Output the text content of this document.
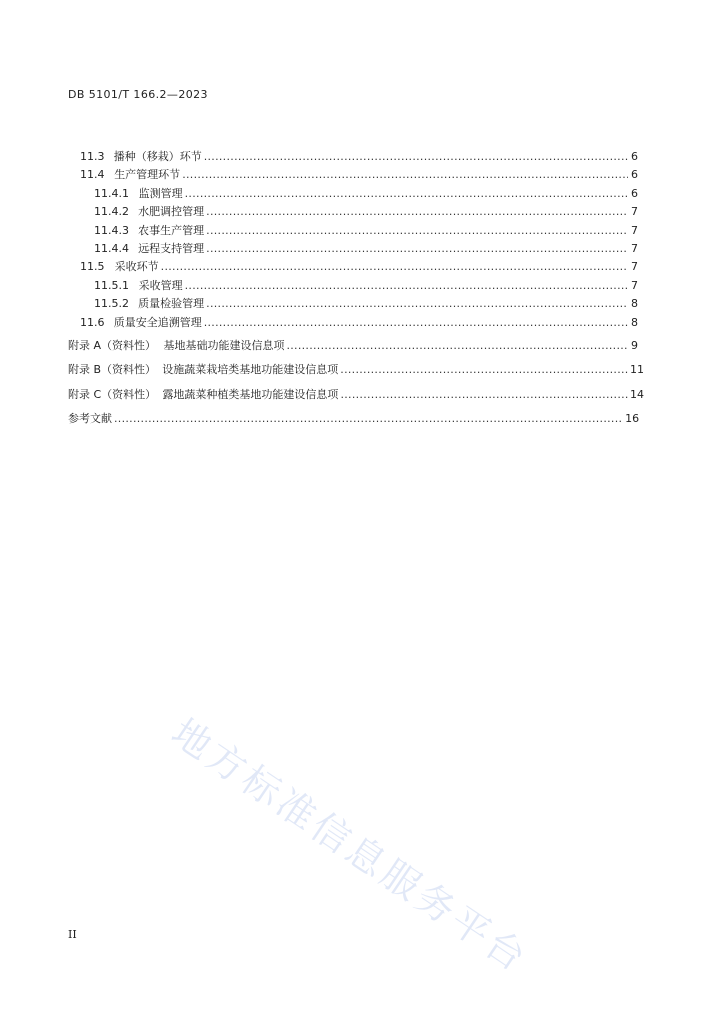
DB 5101/T 166.2—2023
11.3 播种（移栽）环节 . . .	6
11.4 生产管理环节 . . .	6
11.4.1 监测管理 . . .	6
11.4.2 水肥调控管理 . . .	7
11.4.3 农事生产管理 . . .	7
11.4.4 远程支持管理 . . .	7
11.5 采收环节 . . .	7
11.5.1 采收管理 . . .	7
11.5.2 质量检验管理 . . .	8
11.6 质量安全追溯管理 . . .	8
附录 A（资料性） 基地基础功能建设信息项 . . .	9
附录 B（资料性） 设施蔬菜栽培类基地功能建设信息项 . . .	11
附录 C（资料性） 露地蔬菜种植类基地功能建设信息项 . . .	14
参考文献 . . .	16
II 地方标准信息服务平台
